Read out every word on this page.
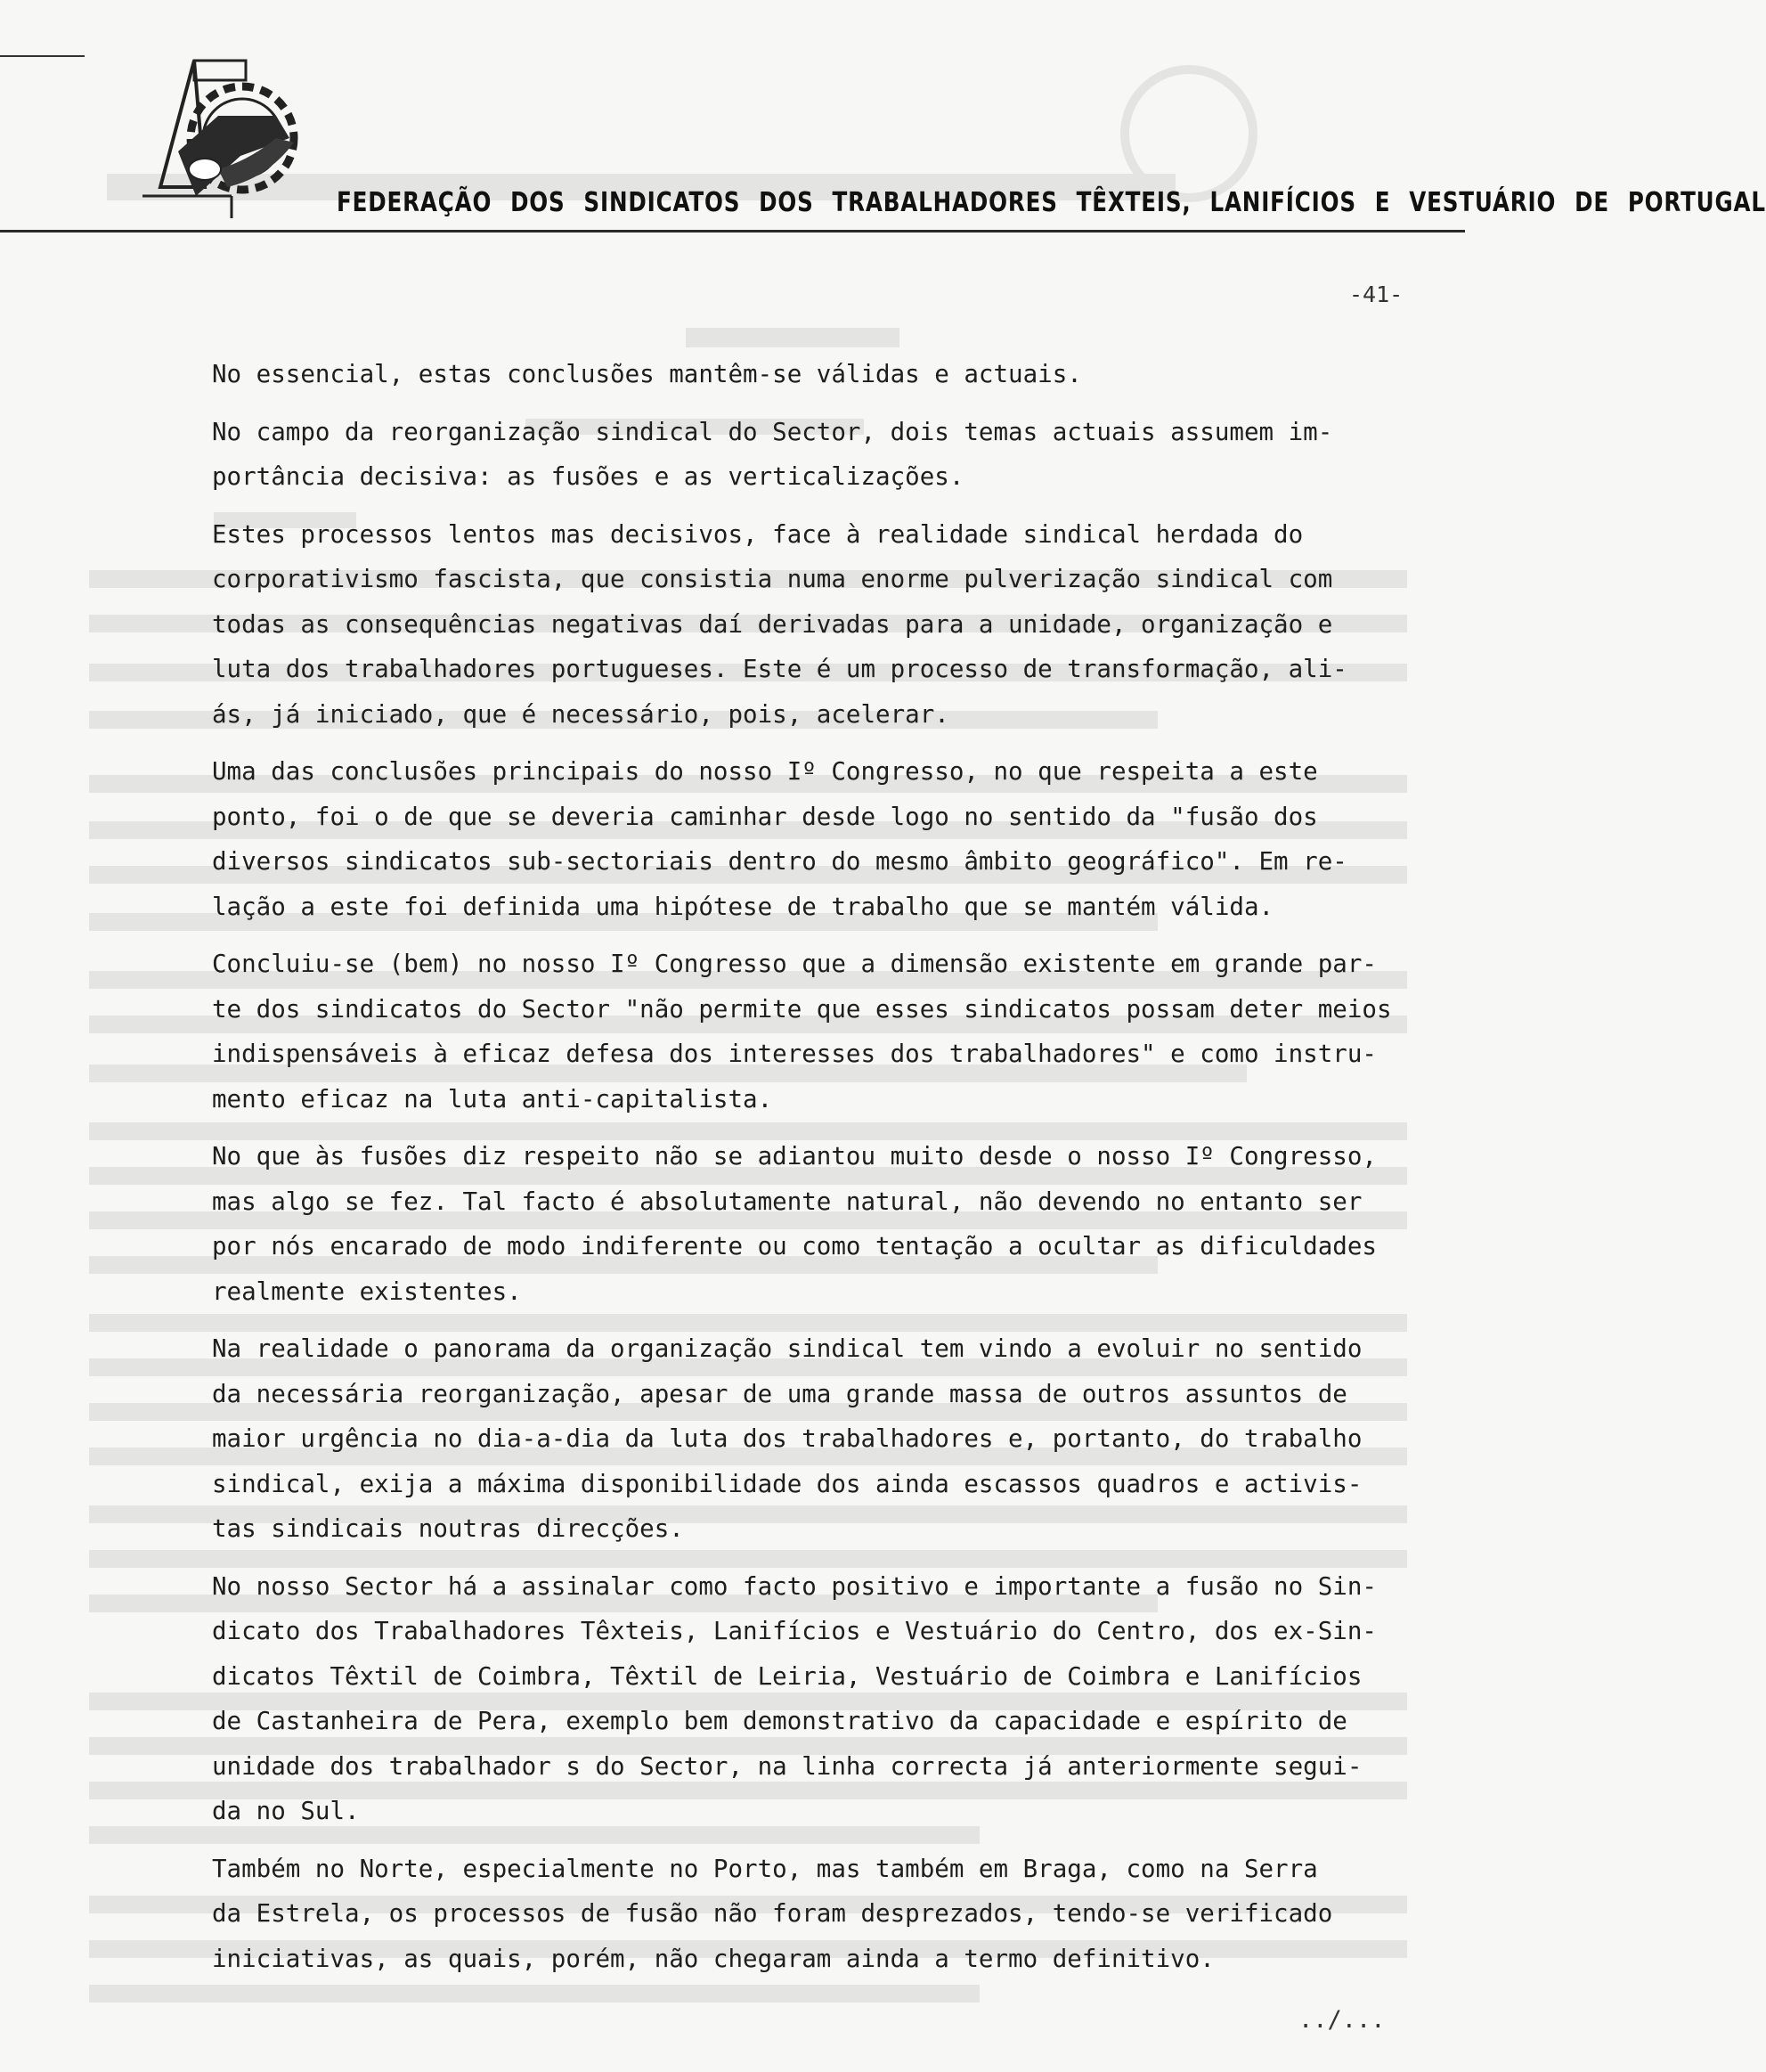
FEDERAÇÃO DOS SINDICATOS DOS TRABALHADORES TÊXTEIS, LANIFÍCIOS E VESTUÁRIO DE PORTUGAL
-41-

No essencial, estas conclusões mantêm-se válidas e actuais.

No campo da reorganização sindical do Sector, dois temas actuais assumem im-
portância decisiva: as fusões e as verticalizações.

Estes processos lentos mas decisivos, face à realidade sindical herdada do
corporativismo fascista, que consistia numa enorme pulverização sindical com
todas as consequências negativas daí derivadas para a unidade, organização e
luta dos trabalhadores portugueses. Este é um processo de transformação, ali-
ás, já iniciado, que é necessário, pois, acelerar.

Uma das conclusões principais do nosso Iº Congresso, no que respeita a este
ponto, foi o de que se deveria caminhar desde logo no sentido da "fusão dos
diversos sindicatos sub-sectoriais dentro do mesmo âmbito geográfico". Em re-
lação a este foi definida uma hipótese de trabalho que se mantém válida.

Concluiu-se (bem) no nosso Iº Congresso que a dimensão existente em grande par-
te dos sindicatos do Sector "não permite que esses sindicatos possam deter meios
indispensáveis à eficaz defesa dos interesses dos trabalhadores" e como instru-
mento eficaz na luta anti-capitalista.

No que às fusões diz respeito não se adiantou muito desde o nosso Iº Congresso,
mas algo se fez. Tal facto é absolutamente natural, não devendo no entanto ser
por nós encarado de modo indiferente ou como tentação a ocultar as dificuldades
realmente existentes.

Na realidade o panorama da organização sindical tem vindo a evoluir no sentido
da necessária reorganização, apesar de uma grande massa de outros assuntos de
maior urgência no dia-a-dia da luta dos trabalhadores e, portanto, do trabalho
sindical, exija a máxima disponibilidade dos ainda escassos quadros e activis-
tas sindicais noutras direcções.

No nosso Sector há a assinalar como facto positivo e importante a fusão no Sin-
dicato dos Trabalhadores Têxteis, Lanifícios e Vestuário do Centro, dos ex-Sin-
dicatos Têxtil de Coimbra, Têxtil de Leiria, Vestuário de Coimbra e Lanifícios
de Castanheira de Pera, exemplo bem demonstrativo da capacidade e espírito de
unidade dos trabalhador s do Sector, na linha correcta já anteriormente segui-
da no Sul.

Também no Norte, especialmente no Porto, mas também em Braga, como na Serra
da Estrela, os processos de fusão não foram desprezados, tendo-se verificado
iniciativas, as quais, porém, não chegaram ainda a termo definitivo.

../...
